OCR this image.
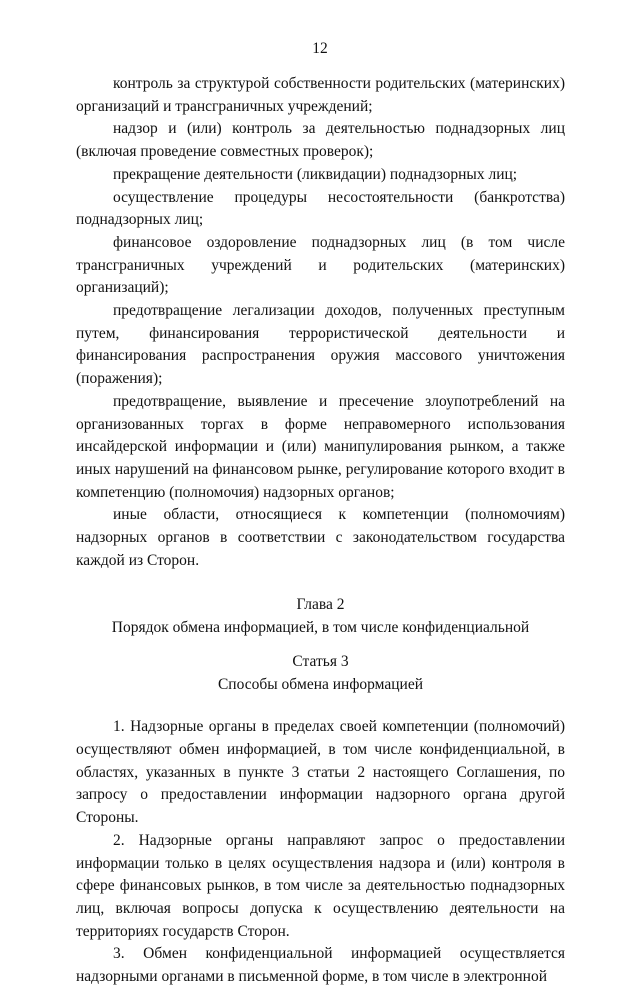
12

контроль за структурой собственности родительских (материнских) организаций и трансграничных учреждений;

надзор и (или) контроль за деятельностью поднадзорных лиц (включая проведение совместных проверок);

прекращение деятельности (ликвидации) поднадзорных лиц;

осуществление процедуры несостоятельности (банкротства) поднадзорных лиц;

финансовое оздоровление поднадзорных лиц (в том числе трансграничных учреждений и родительских (материнских) организаций);

предотвращение легализации доходов, полученных преступным путем, финансирования террористической деятельности и финансирования распространения оружия массового уничтожения (поражения);

предотвращение, выявление и пресечение злоупотреблений на организованных торгах в форме неправомерного использования инсайдерской информации и (или) манипулирования рынком, а также иных нарушений на финансовом рынке, регулирование которого входит в компетенцию (полномочия) надзорных органов;

иные области, относящиеся к компетенции (полномочиям) надзорных органов в соответствии с законодательством государства каждой из Сторон.

Глава 2

Порядок обмена информацией, в том числе конфиденциальной

Статья 3

Способы обмена информацией

1. Надзорные органы в пределах своей компетенции (полномочий) осуществляют обмен информацией, в том числе конфиденциальной, в областях, указанных в пункте 3 статьи 2 настоящего Соглашения, по запросу о предоставлении информации надзорного органа другой Стороны.

2. Надзорные органы направляют запрос о предоставлении информации только в целях осуществления надзора и (или) контроля в сфере финансовых рынков, в том числе за деятельностью поднадзорных лиц, включая вопросы допуска к осуществлению деятельности на территориях государств Сторон.

3. Обмен конфиденциальной информацией осуществляется надзорными органами в письменной форме, в том числе в электронной
